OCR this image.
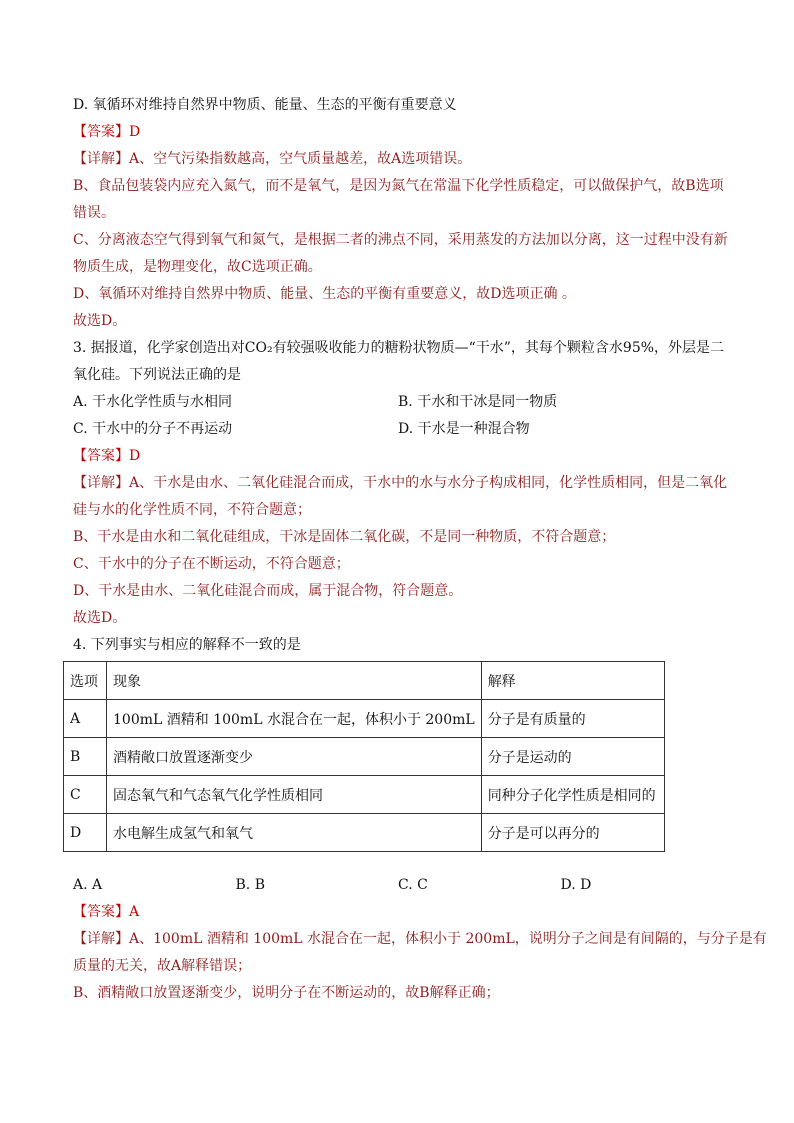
D. 氧循环对维持自然界中物质、能量、生态的平衡有重要意义
【答案】D
【详解】A、空气污染指数越高，空气质量越差，故A选项错误。
B、食品包装袋内应充入氮气，而不是氧气，是因为氮气在常温下化学性质稳定，可以做保护气，故B选项
错误。
C、分离液态空气得到氧气和氮气，是根据二者的沸点不同，采用蒸发的方法加以分离，这一过程中没有新
物质生成，是物理变化，故C选项正确。
D、氧循环对维持自然界中物质、能量、生态的平衡有重要意义，故D选项正确 。
故选D。
3. 据报道，化学家创造出对CO₂有较强吸收能力的糖粉状物质—“干水”，其每个颗粒含水95%，外层是二
氧化硅。下列说法正确的是
A. 干水化学性质与水相同	B. 干水和干冰是同一物质
C. 干水中的分子不再运动	D. 干水是一种混合物
【答案】D
【详解】A、干水是由水、二氧化硅混合而成，干水中的水与水分子构成相同，化学性质相同，但是二氧化
硅与水的化学性质不同，不符合题意；
B、干水是由水和二氧化硅组成，干冰是固体二氧化碳，不是同一种物质，不符合题意；
C、干水中的分子在不断运动，不符合题意；
D、干水是由水、二氧化硅混合而成，属于混合物，符合题意。
故选D。
4. 下列事实与相应的解释不一致的是
选项	现象	解释
A	100mL 酒精和 100mL 水混合在一起，体积小于 200mL	分子是有质量的
B	酒精敞口放置逐渐变少	分子是运动的
C	固态氧气和气态氧气化学性质相同	同种分子化学性质是相同的
D	水电解生成氢气和氧气	分子是可以再分的
A. A	B. B	C. C	D. D
【答案】A
【详解】A、100mL 酒精和 100mL 水混合在一起，体积小于 200mL，说明分子之间是有间隔的，与分子是有
质量的无关，故A解释错误；
B、酒精敞口放置逐渐变少，说明分子在不断运动的，故B解释正确；
